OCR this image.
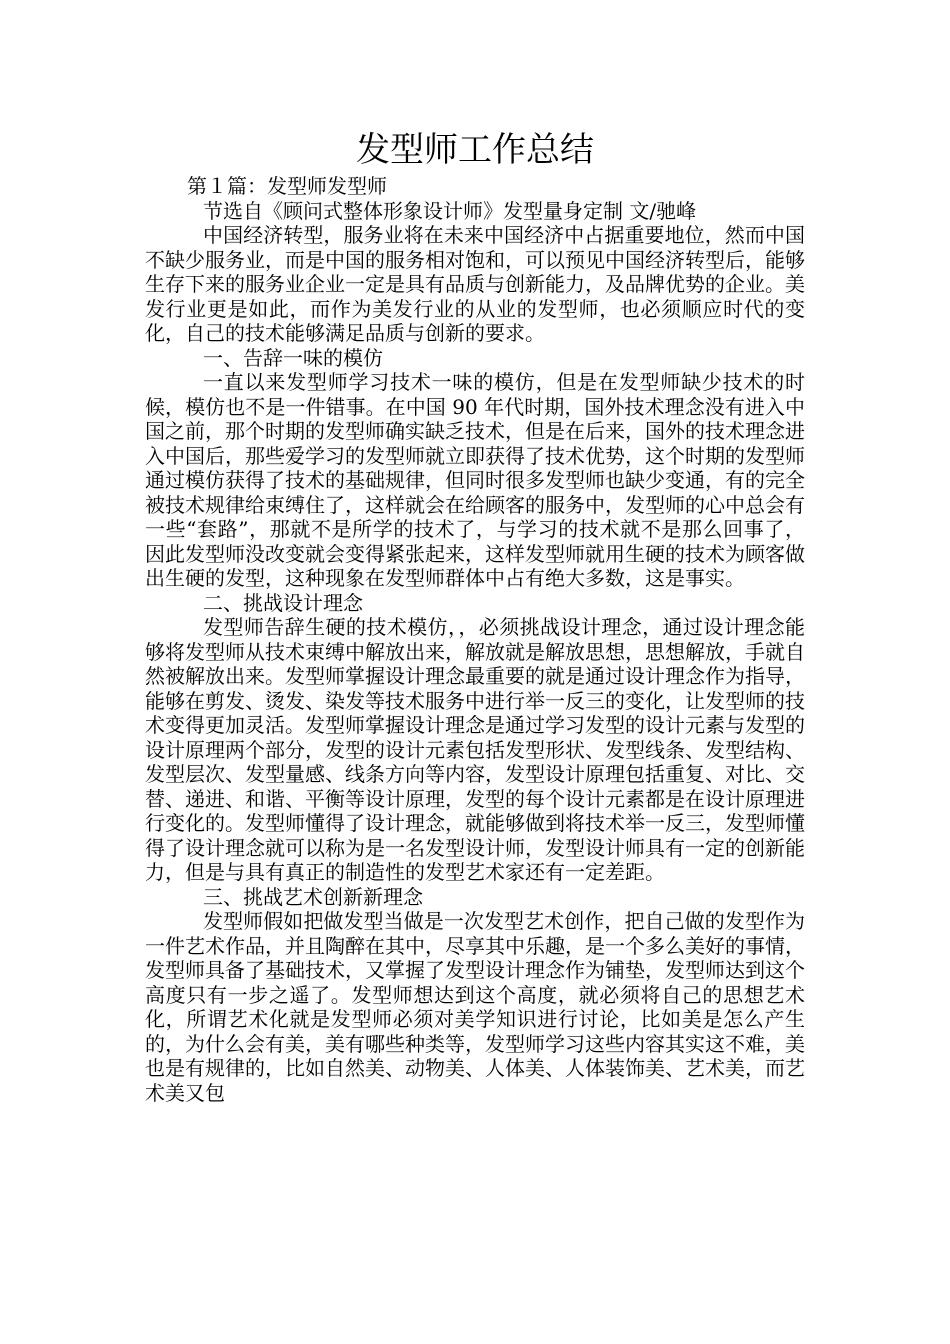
发型师工作总结

第１篇：发型师发型师

节选自《顾问式整体形象设计师》发型量身定制 文/驰峰

中国经济转型，服务业将在未来中国经济中占据重要地位，然而中国不缺少服务业，而是中国的服务相对饱和，可以预见中国经济转型后，能够生存下来的服务业企业一定是具有品质与创新能力，及品牌优势的企业。美发行业更是如此，而作为美发行业的从业的发型师，也必须顺应时代的变化，自己的技术能够满足品质与创新的要求。

一、告辞一味的模仿

一直以来发型师学习技术一味的模仿，但是在发型师缺少技术的时候，模仿也不是一件错事。在中国 90 年代时期，国外技术理念没有进入中国之前，那个时期的发型师确实缺乏技术，但是在后来，国外的技术理念进入中国后，那些爱学习的发型师就立即获得了技术优势，这个时期的发型师通过模仿获得了技术的基础规律，但同时很多发型师也缺少变通，有的完全被技术规律给束缚住了，这样就会在给顾客的服务中，发型师的心中总会有一些“套路”，那就不是所学的技术了，与学习的技术就不是那么回事了，因此发型师没改变就会变得紧张起来，这样发型师就用生硬的技术为顾客做出生硬的发型，这种现象在发型师群体中占有绝大多数，这是事实。

二、挑战设计理念

发型师告辞生硬的技术模仿，，必须挑战设计理念，通过设计理念能够将发型师从技术束缚中解放出来，解放就是解放思想，思想解放，手就自然被解放出来。发型师掌握设计理念最重要的就是通过设计理念作为指导，能够在剪发、烫发、染发等技术服务中进行举一反三的变化，让发型师的技术变得更加灵活。发型师掌握设计理念是通过学习发型的设计元素与发型的设计原理两个部分，发型的设计元素包括发型形状、发型线条、发型结构、发型层次、发型量感、线条方向等内容，发型设计原理包括重复、对比、交替、递进、和谐、平衡等设计原理，发型的每个设计元素都是在设计原理进行变化的。发型师懂得了设计理念，就能够做到将技术举一反三，发型师懂得了设计理念就可以称为是一名发型设计师，发型设计师具有一定的创新能力，但是与具有真正的制造性的发型艺术家还有一定差距。

三、挑战艺术创新新理念

发型师假如把做发型当做是一次发型艺术创作，把自己做的发型作为一件艺术作品，并且陶醉在其中，尽享其中乐趣，是一个多么美好的事情，发型师具备了基础技术，又掌握了发型设计理念作为铺垫，发型师达到这个高度只有一步之遥了。发型师想达到这个高度，就必须将自己的思想艺术化，所谓艺术化就是发型师必须对美学知识进行讨论，比如美是怎么产生的，为什么会有美，美有哪些种类等，发型师学习这些内容其实这不难，美也是有规律的，比如自然美、动物美、人体美、人体装饰美、艺术美，而艺术美又包
